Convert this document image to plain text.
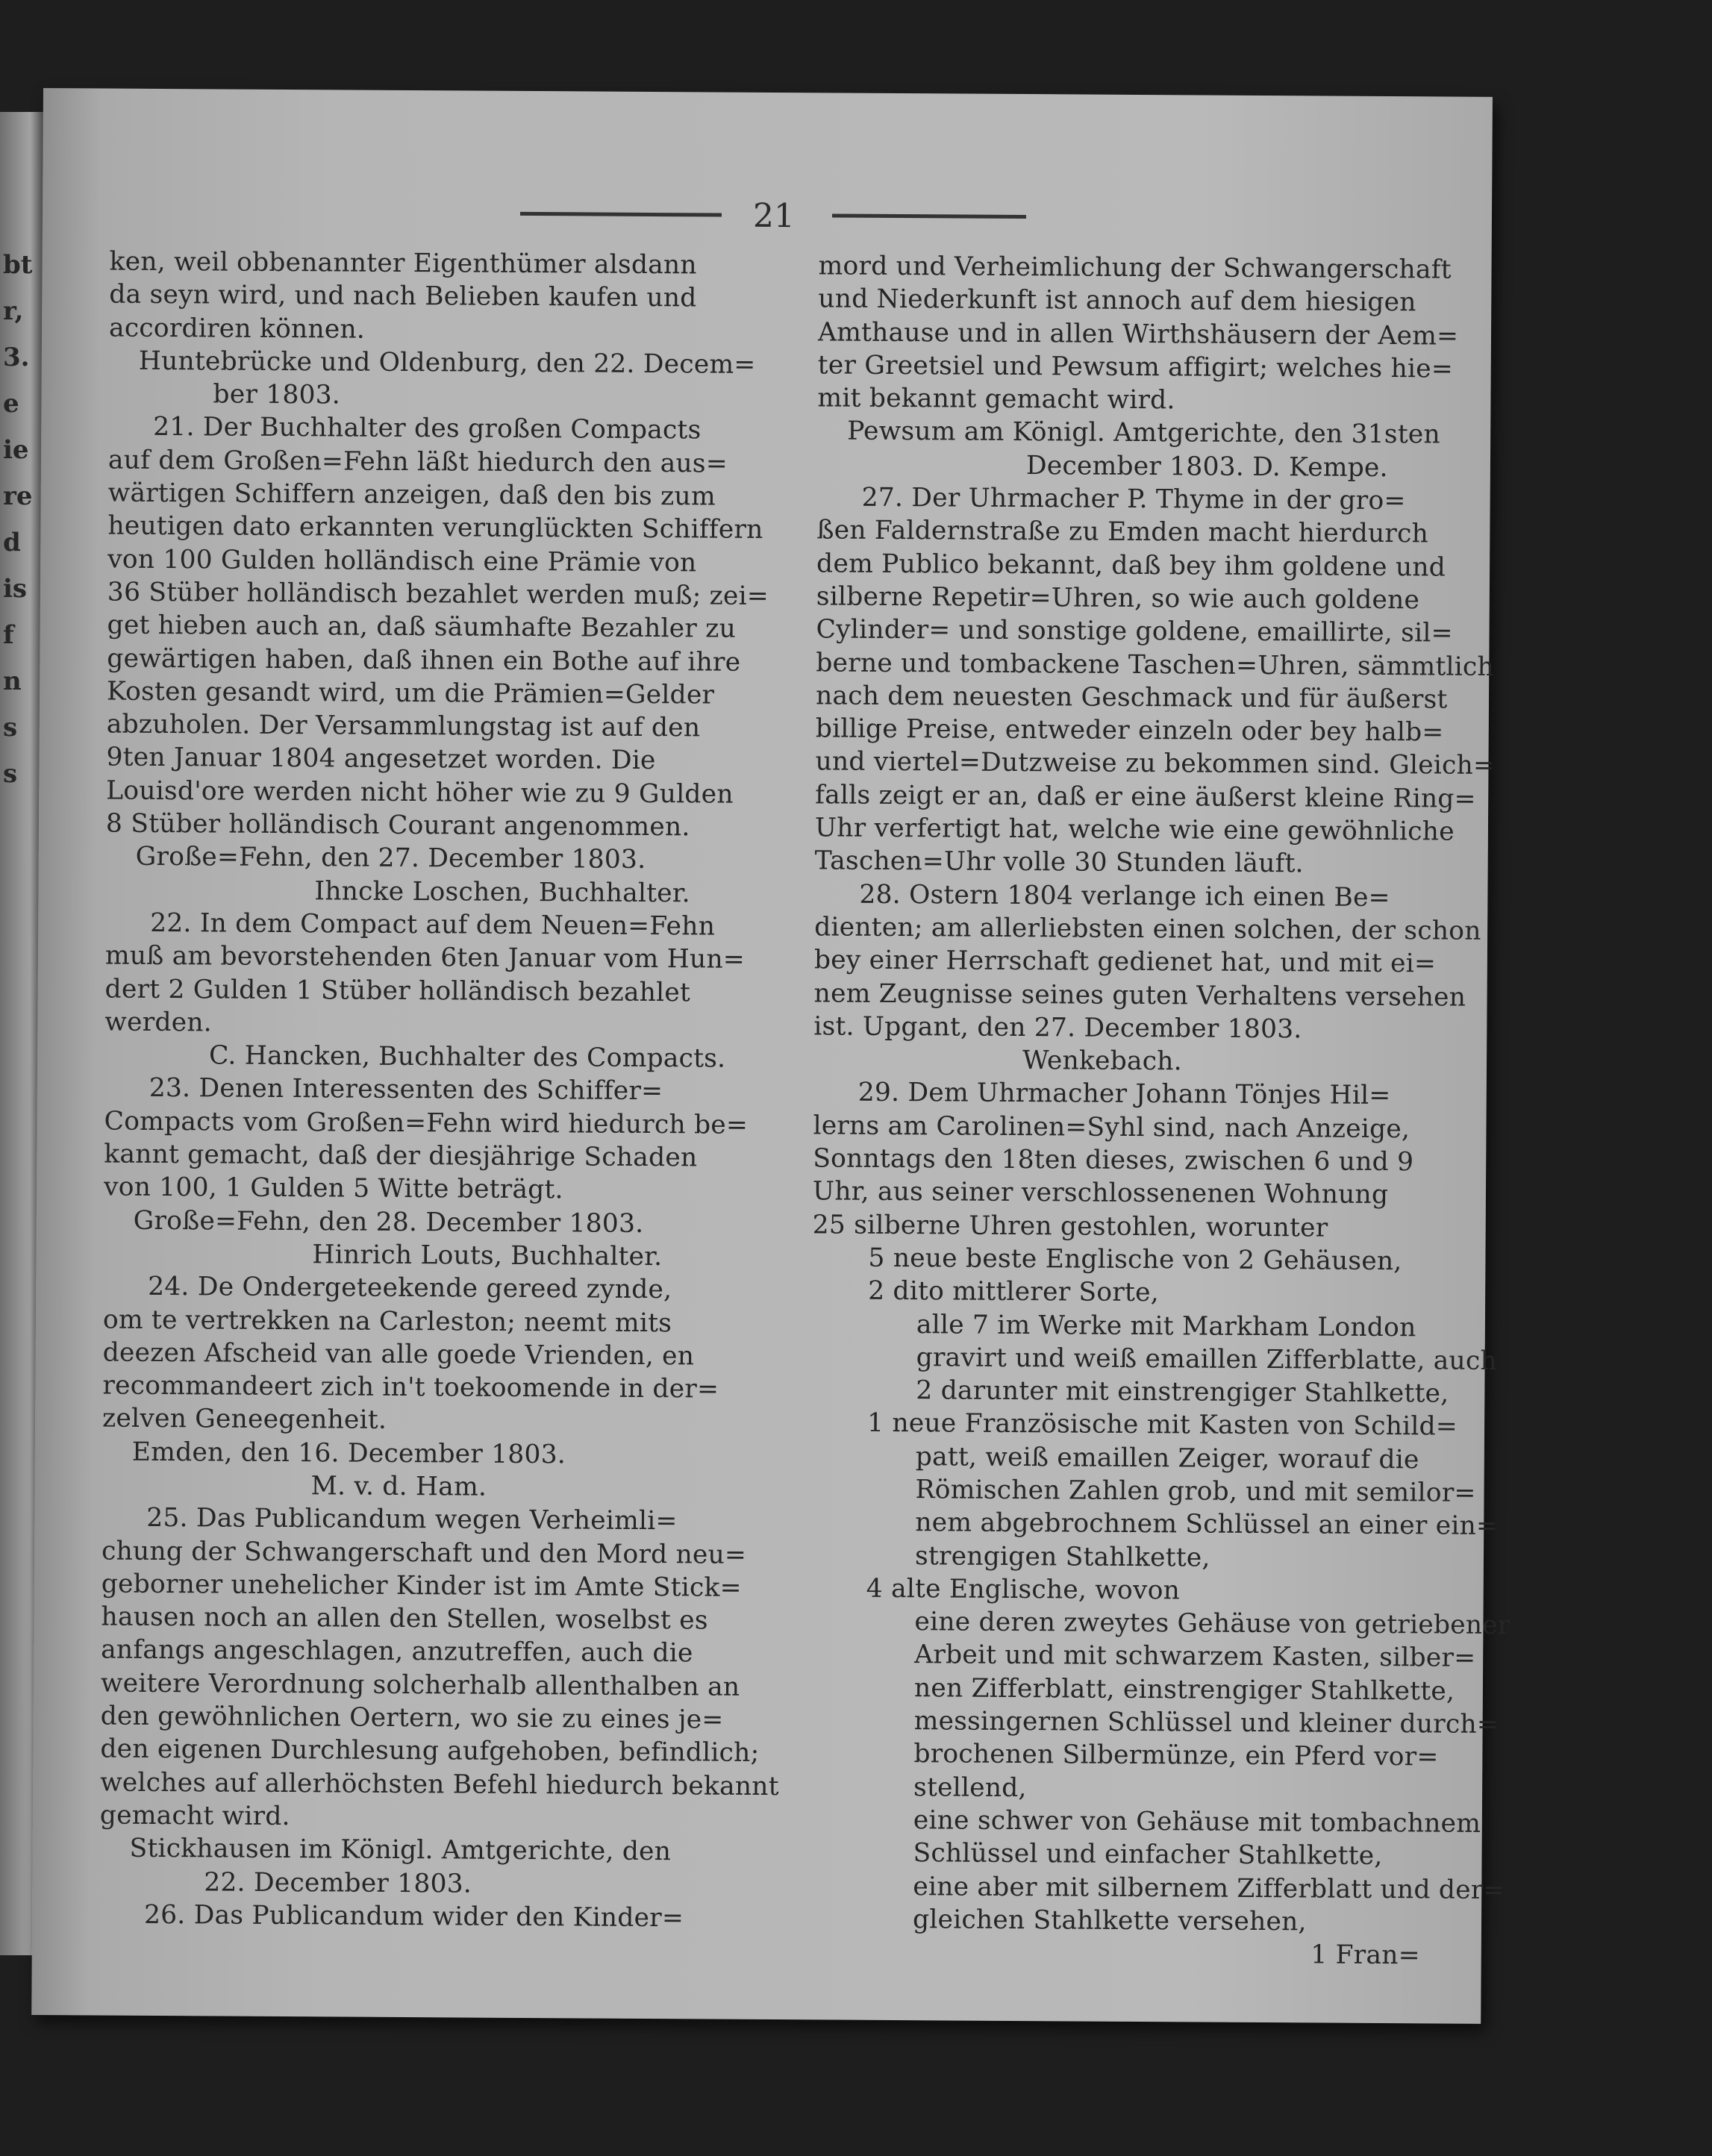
bt
r,
3.
e
ie
re
d
is
f
n
s
s
21
ken, weil obbenannter Eigenthümer alsdann
da seyn wird, und nach Belieben kaufen und
accordiren können.
Huntebrücke und Oldenburg, den 22. Decem=
ber 1803.
21. Der Buchhalter des großen Compacts
auf dem Großen=Fehn läßt hiedurch den aus=
wärtigen Schiffern anzeigen, daß den bis zum
heutigen dato erkannten verunglückten Schiffern
von 100 Gulden holländisch eine Prämie von
36 Stüber holländisch bezahlet werden muß; zei=
get hieben auch an, daß säumhafte Bezahler zu
gewärtigen haben, daß ihnen ein Bothe auf ihre
Kosten gesandt wird, um die Prämien=Gelder
abzuholen. Der Versammlungstag ist auf den
9ten Januar 1804 angesetzet worden. Die
Louisd'ore werden nicht höher wie zu 9 Gulden
8 Stüber holländisch Courant angenommen.
Große=Fehn, den 27. December 1803.
Ihncke Loschen, Buchhalter.
22. In dem Compact auf dem Neuen=Fehn
muß am bevorstehenden 6ten Januar vom Hun=
dert 2 Gulden 1 Stüber holländisch bezahlet
werden.
C. Hancken, Buchhalter des Compacts.
23. Denen Interessenten des Schiffer=
Compacts vom Großen=Fehn wird hiedurch be=
kannt gemacht, daß der diesjährige Schaden
von 100, 1 Gulden 5 Witte beträgt.
Große=Fehn, den 28. December 1803.
Hinrich Louts, Buchhalter.
24. De Ondergeteekende gereed zynde,
om te vertrekken na Carleston; neemt mits
deezen Afscheid van alle goede Vrienden, en
recommandeert zich in't toekoomende in der=
zelven Geneegenheit.
Emden, den 16. December 1803.
M. v. d. Ham.
25. Das Publicandum wegen Verheimli=
chung der Schwangerschaft und den Mord neu=
geborner unehelicher Kinder ist im Amte Stick=
hausen noch an allen den Stellen, woselbst es
anfangs angeschlagen, anzutreffen, auch die
weitere Verordnung solcherhalb allenthalben an
den gewöhnlichen Oertern, wo sie zu eines je=
den eigenen Durchlesung aufgehoben, befindlich;
welches auf allerhöchsten Befehl hiedurch bekannt
gemacht wird.
Stickhausen im Königl. Amtgerichte, den
22. December 1803.
26. Das Publicandum wider den Kinder=
mord und Verheimlichung der Schwangerschaft
und Niederkunft ist annoch auf dem hiesigen
Amthause und in allen Wirthshäusern der Aem=
ter Greetsiel und Pewsum affigirt; welches hie=
mit bekannt gemacht wird.
Pewsum am Königl. Amtgerichte, den 31sten
December 1803. D. Kempe.
27. Der Uhrmacher P. Thyme in der gro=
ßen Faldernstraße zu Emden macht hierdurch
dem Publico bekannt, daß bey ihm goldene und
silberne Repetir=Uhren, so wie auch goldene
Cylinder= und sonstige goldene, emaillirte, sil=
berne und tombackene Taschen=Uhren, sämmtlich
nach dem neuesten Geschmack und für äußerst
billige Preise, entweder einzeln oder bey halb=
und viertel=Dutzweise zu bekommen sind. Gleich=
falls zeigt er an, daß er eine äußerst kleine Ring=
Uhr verfertigt hat, welche wie eine gewöhnliche
Taschen=Uhr volle 30 Stunden läuft.
28. Ostern 1804 verlange ich einen Be=
dienten; am allerliebsten einen solchen, der schon
bey einer Herrschaft gedienet hat, und mit ei=
nem Zeugnisse seines guten Verhaltens versehen
ist. Upgant, den 27. December 1803.
Wenkebach.
29. Dem Uhrmacher Johann Tönjes Hil=
lerns am Carolinen=Syhl sind, nach Anzeige,
Sonntags den 18ten dieses, zwischen 6 und 9
Uhr, aus seiner verschlossenenen Wohnung
25 silberne Uhren gestohlen, worunter
5 neue beste Englische von 2 Gehäusen,
2 dito mittlerer Sorte,
alle 7 im Werke mit Markham London
gravirt und weiß emaillen Zifferblatte, auch
2 darunter mit einstrengiger Stahlkette,
1 neue Französische mit Kasten von Schild=
patt, weiß emaillen Zeiger, worauf die
Römischen Zahlen grob, und mit semilor=
nem abgebrochnem Schlüssel an einer ein=
strengigen Stahlkette,
4 alte Englische, wovon
eine deren zweytes Gehäuse von getriebener
Arbeit und mit schwarzem Kasten, silber=
nen Zifferblatt, einstrengiger Stahlkette,
messingernen Schlüssel und kleiner durch=
brochenen Silbermünze, ein Pferd vor=
stellend,
eine schwer von Gehäuse mit tombachnem
Schlüssel und einfacher Stahlkette,
eine aber mit silbernem Zifferblatt und der=
gleichen Stahlkette versehen,
1 Fran=
